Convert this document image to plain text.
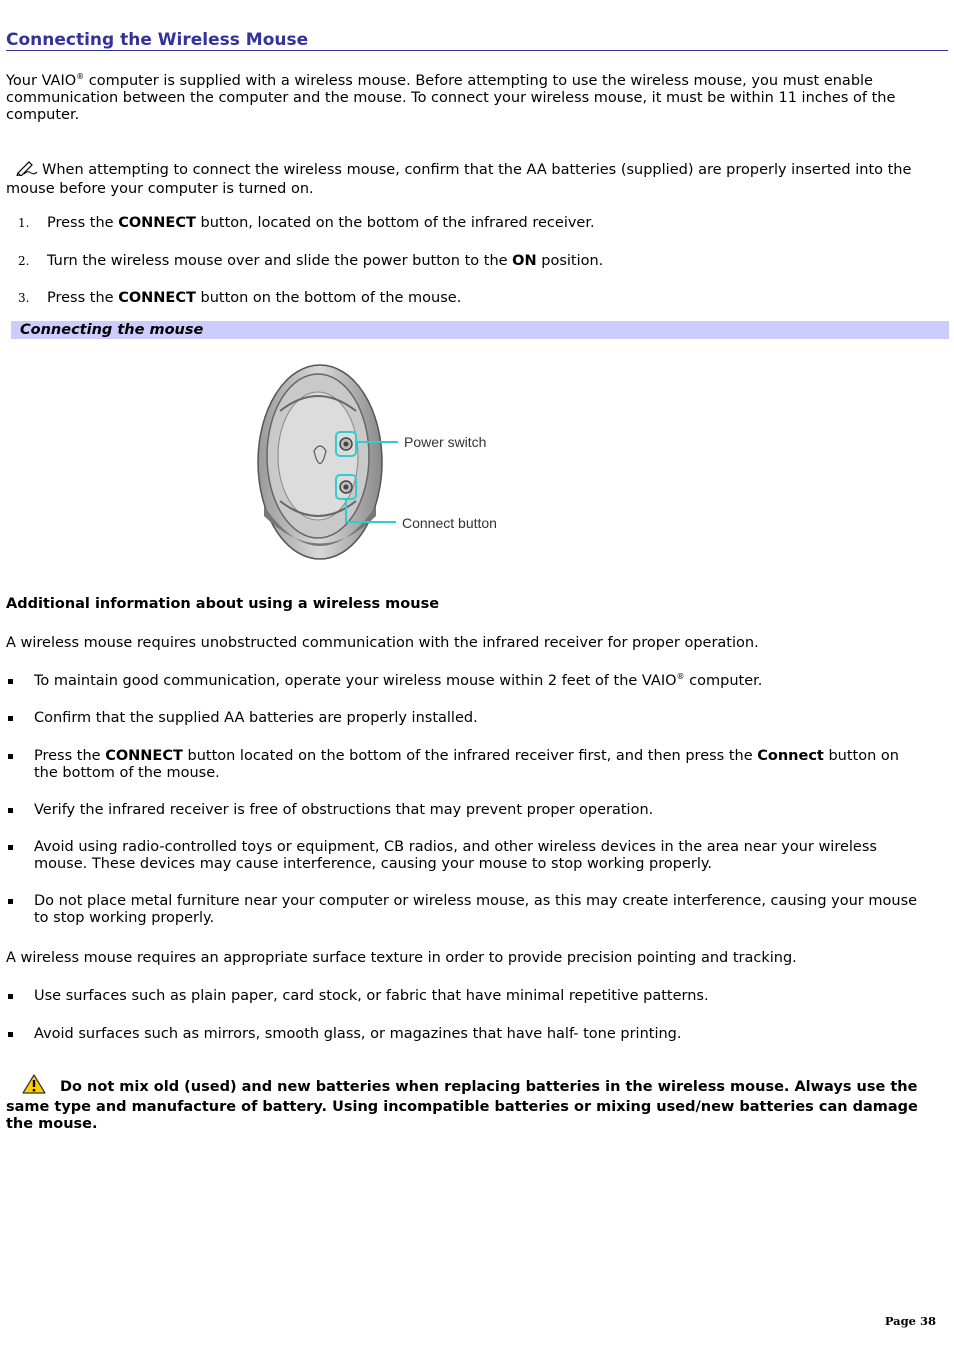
Connecting the Wireless Mouse

Your VAIO® computer is supplied with a wireless mouse. Before attempting to use the wireless mouse, you must enable communication between the computer and the mouse. To connect your wireless mouse, it must be within 11 inches of the computer.

When attempting to connect the wireless mouse, confirm that the AA batteries (supplied) are properly inserted into the mouse before your computer is turned on.

1. Press the CONNECT button, located on the bottom of the infrared receiver.
2. Turn the wireless mouse over and slide the power button to the ON position.
3. Press the CONNECT button on the bottom of the mouse.
Connecting the mouse
Power switch
Connect button
Additional information about using a wireless mouse
A wireless mouse requires unobstructed communication with the infrared receiver for proper operation.
To maintain good communication, operate your wireless mouse within 2 feet of the VAIO® computer.
Confirm that the supplied AA batteries are properly installed.
Press the CONNECT button located on the bottom of the infrared receiver first, and then press the Connect button on the bottom of the mouse.
Verify the infrared receiver is free of obstructions that may prevent proper operation.
Avoid using radio-controlled toys or equipment, CB radios, and other wireless devices in the area near your wireless mouse. These devices may cause interference, causing your mouse to stop working properly.
Do not place metal furniture near your computer or wireless mouse, as this may create interference, causing your mouse to stop working properly.
A wireless mouse requires an appropriate surface texture in order to provide precision pointing and tracking.
Use surfaces such as plain paper, card stock, or fabric that have minimal repetitive patterns.
Avoid surfaces such as mirrors, smooth glass, or magazines that have half- tone printing.
Do not mix old (used) and new batteries when replacing batteries in the wireless mouse. Always use the same type and manufacture of battery. Using incompatible batteries or mixing used/new batteries can damage the mouse.
Page 38
